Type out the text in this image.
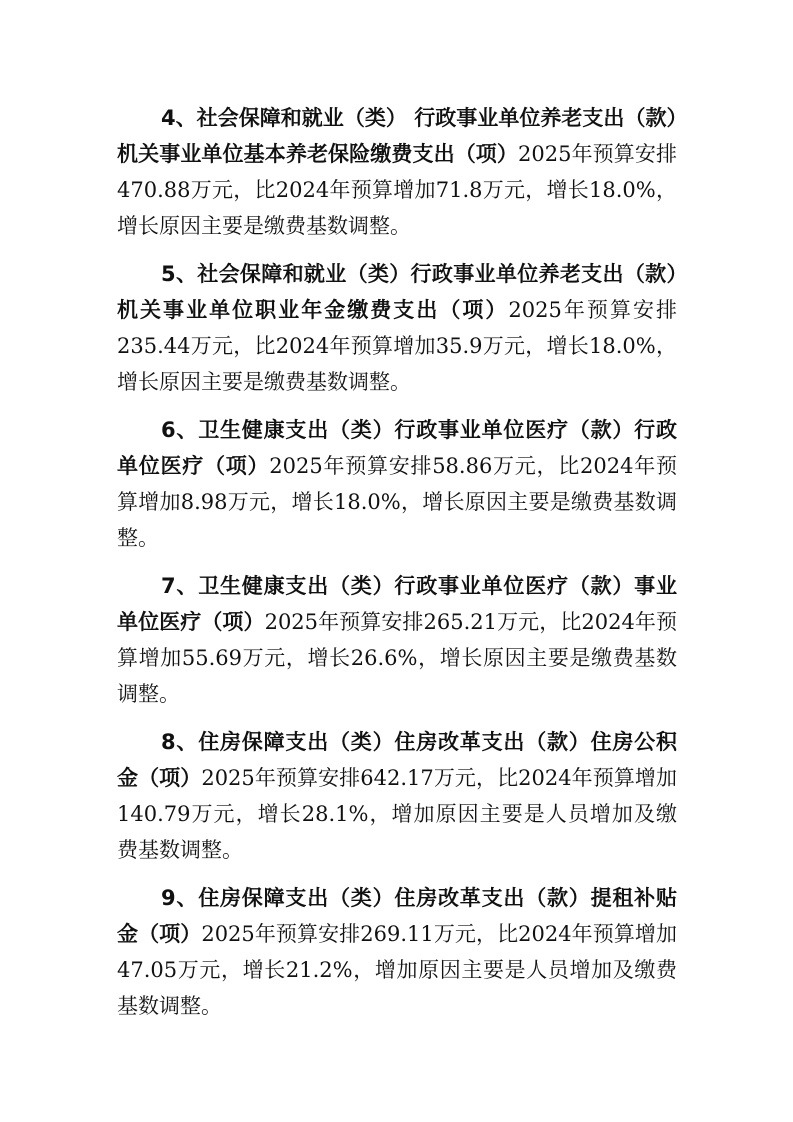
4、社会保障和就业（类） 行政事业单位养老支出（款）机关事业单位基本养老保险缴费支出（项）2025年预算安排470.88万元，比2024年预算增加71.8万元，增长18.0%，增长原因主要是缴费基数调整。

5、社会保障和就业（类）行政事业单位养老支出（款）机关事业单位职业年金缴费支出（项）2025年预算安排235.44万元，比2024年预算增加35.9万元，增长18.0%，增长原因主要是缴费基数调整。

6、卫生健康支出（类）行政事业单位医疗（款）行政单位医疗（项）2025年预算安排58.86万元，比2024年预算增加8.98万元，增长18.0%，增长原因主要是缴费基数调整。

7、卫生健康支出（类）行政事业单位医疗（款）事业单位医疗（项）2025年预算安排265.21万元，比2024年预算增加55.69万元，增长26.6%，增长原因主要是缴费基数调整。

8、住房保障支出（类）住房改革支出（款）住房公积金（项）2025年预算安排642.17万元，比2024年预算增加140.79万元，增长28.1%，增加原因主要是人员增加及缴费基数调整。

9、住房保障支出（类）住房改革支出（款）提租补贴金（项）2025年预算安排269.11万元，比2024年预算增加47.05万元，增长21.2%，增加原因主要是人员增加及缴费基数调整。
